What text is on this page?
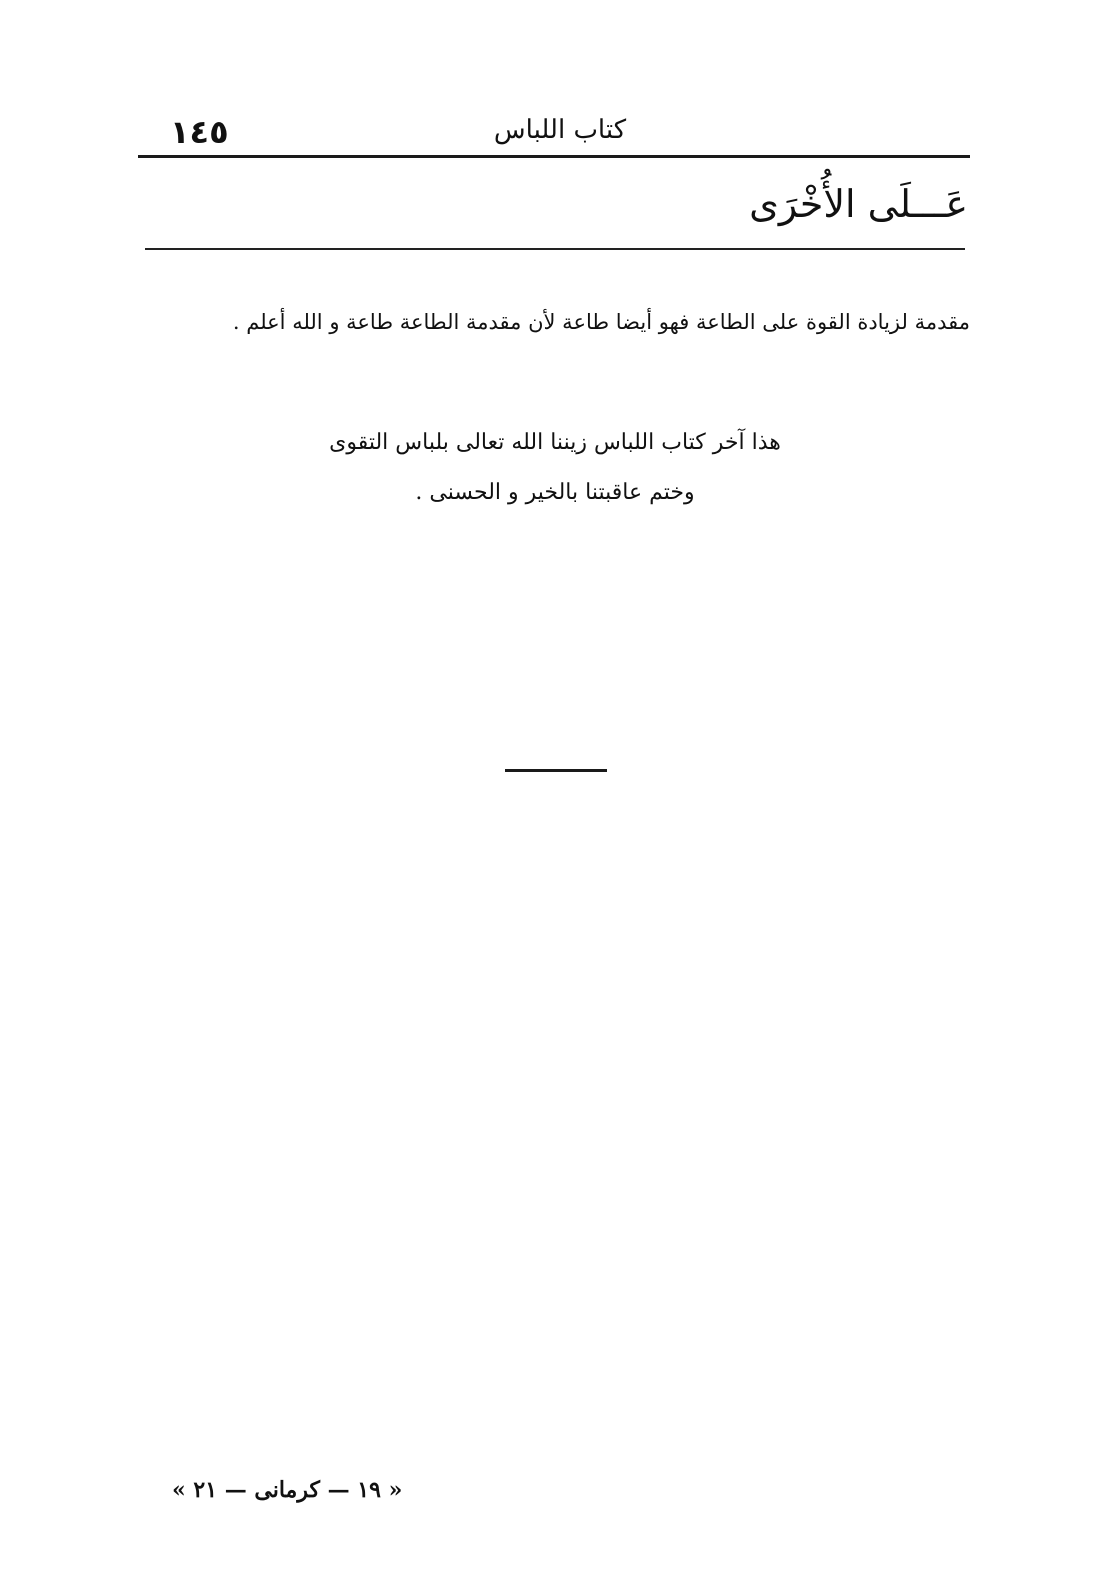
١٤٥	كتاب اللباس
عَـــلَى الأُخْرَى
مقدمة لزيادة القوة على الطاعة فهو أيضا طاعة لأن مقدمة الطاعة طاعة و الله أعلم .
هذا آخر كتاب اللباس زيننا الله تعالى بلباس التقوى
وختم عاقبتنا بالخير و الحسنى .
« ١٩ — كرمانى — ٢١ »
